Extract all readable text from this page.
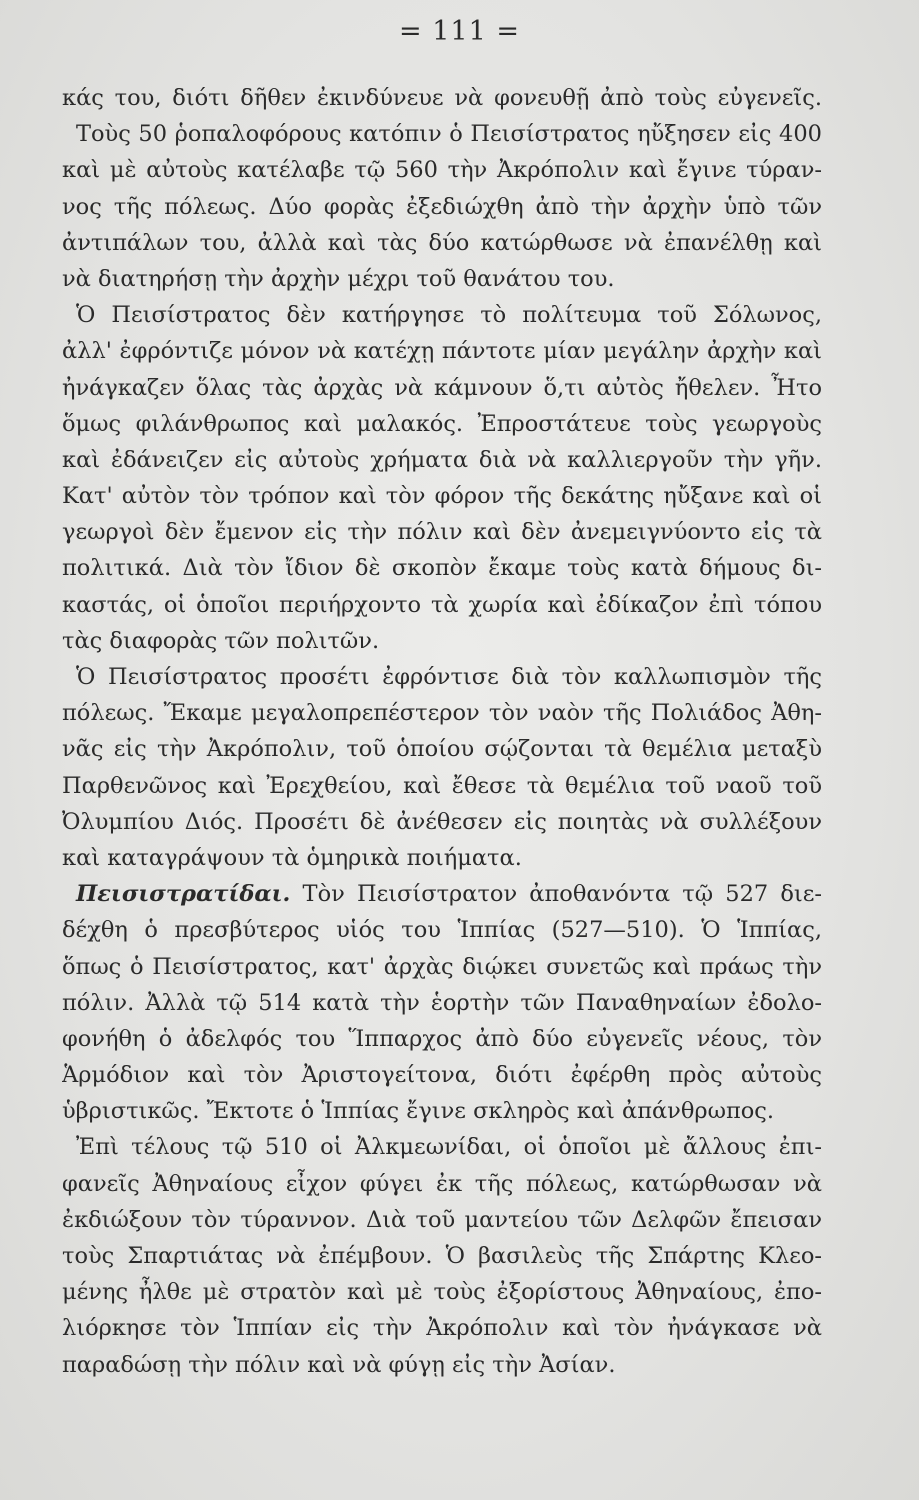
= 111 =
κάς του, διότι δῆθεν ἐκινδύνευε νὰ φονευθῇ ἀπὸ τοὺς εὐγενεῖς.
Τοὺς 50 ῥοπαλοφόρους κατόπιν ὁ Πεισίστρατος ηὔξησεν εἰς 400
καὶ μὲ αὐτοὺς κατέλαβε τῷ 560 τὴν Ἀκρόπολιν καὶ ἔγινε τύραν-
νος τῆς πόλεως. Δύο φορὰς ἐξεδιώχθη ἀπὸ τὴν ἀρχὴν ὑπὸ τῶν
ἀντιπάλων του, ἀλλὰ καὶ τὰς δύο κατώρθωσε νὰ ἐπανέλθῃ καὶ
νὰ διατηρήσῃ τὴν ἀρχὴν μέχρι τοῦ θανάτου του.
Ὁ Πεισίστρατος δὲν κατήργησε τὸ πολίτευμα τοῦ Σόλωνος,
ἀλλ' ἐφρόντιζε μόνον νὰ κατέχῃ πάντοτε μίαν μεγάλην ἀρχὴν καὶ
ἠνάγκαζεν ὅλας τὰς ἀρχὰς νὰ κάμνουν ὅ,τι αὐτὸς ἤθελεν. Ἦτο
ὅμως φιλάνθρωπος καὶ μαλακός. Ἐπροστάτευε τοὺς γεωργοὺς
καὶ ἐδάνειζεν εἰς αὐτοὺς χρήματα διὰ νὰ καλλιεργοῦν τὴν γῆν.
Κατ' αὐτὸν τὸν τρόπον καὶ τὸν φόρον τῆς δεκάτης ηὔξανε καὶ οἱ
γεωργοὶ δὲν ἔμενον εἰς τὴν πόλιν καὶ δὲν ἀνεμειγνύοντο εἰς τὰ
πολιτικά. Διὰ τὸν ἴδιον δὲ σκοπὸν ἔκαμε τοὺς κατὰ δήμους δι-
καστάς, οἱ ὁποῖοι περιήρχοντο τὰ χωρία καὶ ἐδίκαζον ἐπὶ τόπου
τὰς διαφορὰς τῶν πολιτῶν.
Ὁ Πεισίστρατος προσέτι ἐφρόντισε διὰ τὸν καλλωπισμὸν τῆς
πόλεως. Ἔκαμε μεγαλοπρεπέστερον τὸν ναὸν τῆς Πολιάδος Ἀθη-
νᾶς εἰς τὴν Ἀκρόπολιν, τοῦ ὁποίου σῴζονται τὰ θεμέλια μεταξὺ
Παρθενῶνος καὶ Ἐρεχθείου, καὶ ἔθεσε τὰ θεμέλια τοῦ ναοῦ τοῦ
Ὀλυμπίου Διός. Προσέτι δὲ ἀνέθεσεν εἰς ποιητὰς νὰ συλλέξουν
καὶ καταγράψουν τὰ ὁμηρικὰ ποιήματα.
Πεισιστρατίδαι. Τὸν Πεισίστρατον ἀποθανόντα τῷ 527 διε-
δέχθη ὁ πρεσβύτερος υἱός του Ἱππίας (527—510). Ὁ Ἱππίας,
ὅπως ὁ Πεισίστρατος, κατ' ἀρχὰς διῴκει συνετῶς καὶ πράως τὴν
πόλιν. Ἀλλὰ τῷ 514 κατὰ τὴν ἑορτὴν τῶν Παναθηναίων ἐδολο-
φονήθη ὁ ἀδελφός του Ἵππαρχος ἀπὸ δύο εὐγενεῖς νέους, τὸν
Ἁρμόδιον καὶ τὸν Ἀριστογείτονα, διότι ἐφέρθη πρὸς αὐτοὺς
ὑβριστικῶς. Ἔκτοτε ὁ Ἱππίας ἔγινε σκληρὸς καὶ ἀπάνθρωπος.
Ἐπὶ τέλους τῷ 510 οἱ Ἀλκμεωνίδαι, οἱ ὁποῖοι μὲ ἄλλους ἐπι-
φανεῖς Ἀθηναίους εἶχον φύγει ἐκ τῆς πόλεως, κατώρθωσαν νὰ
ἐκδιώξουν τὸν τύραννον. Διὰ τοῦ μαντείου τῶν Δελφῶν ἔπεισαν
τοὺς Σπαρτιάτας νὰ ἐπέμβουν. Ὁ βασιλεὺς τῆς Σπάρτης Κλεο-
μένης ἦλθε μὲ στρατὸν καὶ μὲ τοὺς ἐξορίστους Ἀθηναίους, ἐπο-
λιόρκησε τὸν Ἱππίαν εἰς τὴν Ἀκρόπολιν καὶ τὸν ἠνάγκασε νὰ
παραδώσῃ τὴν πόλιν καὶ νὰ φύγῃ εἰς τὴν Ἀσίαν.
